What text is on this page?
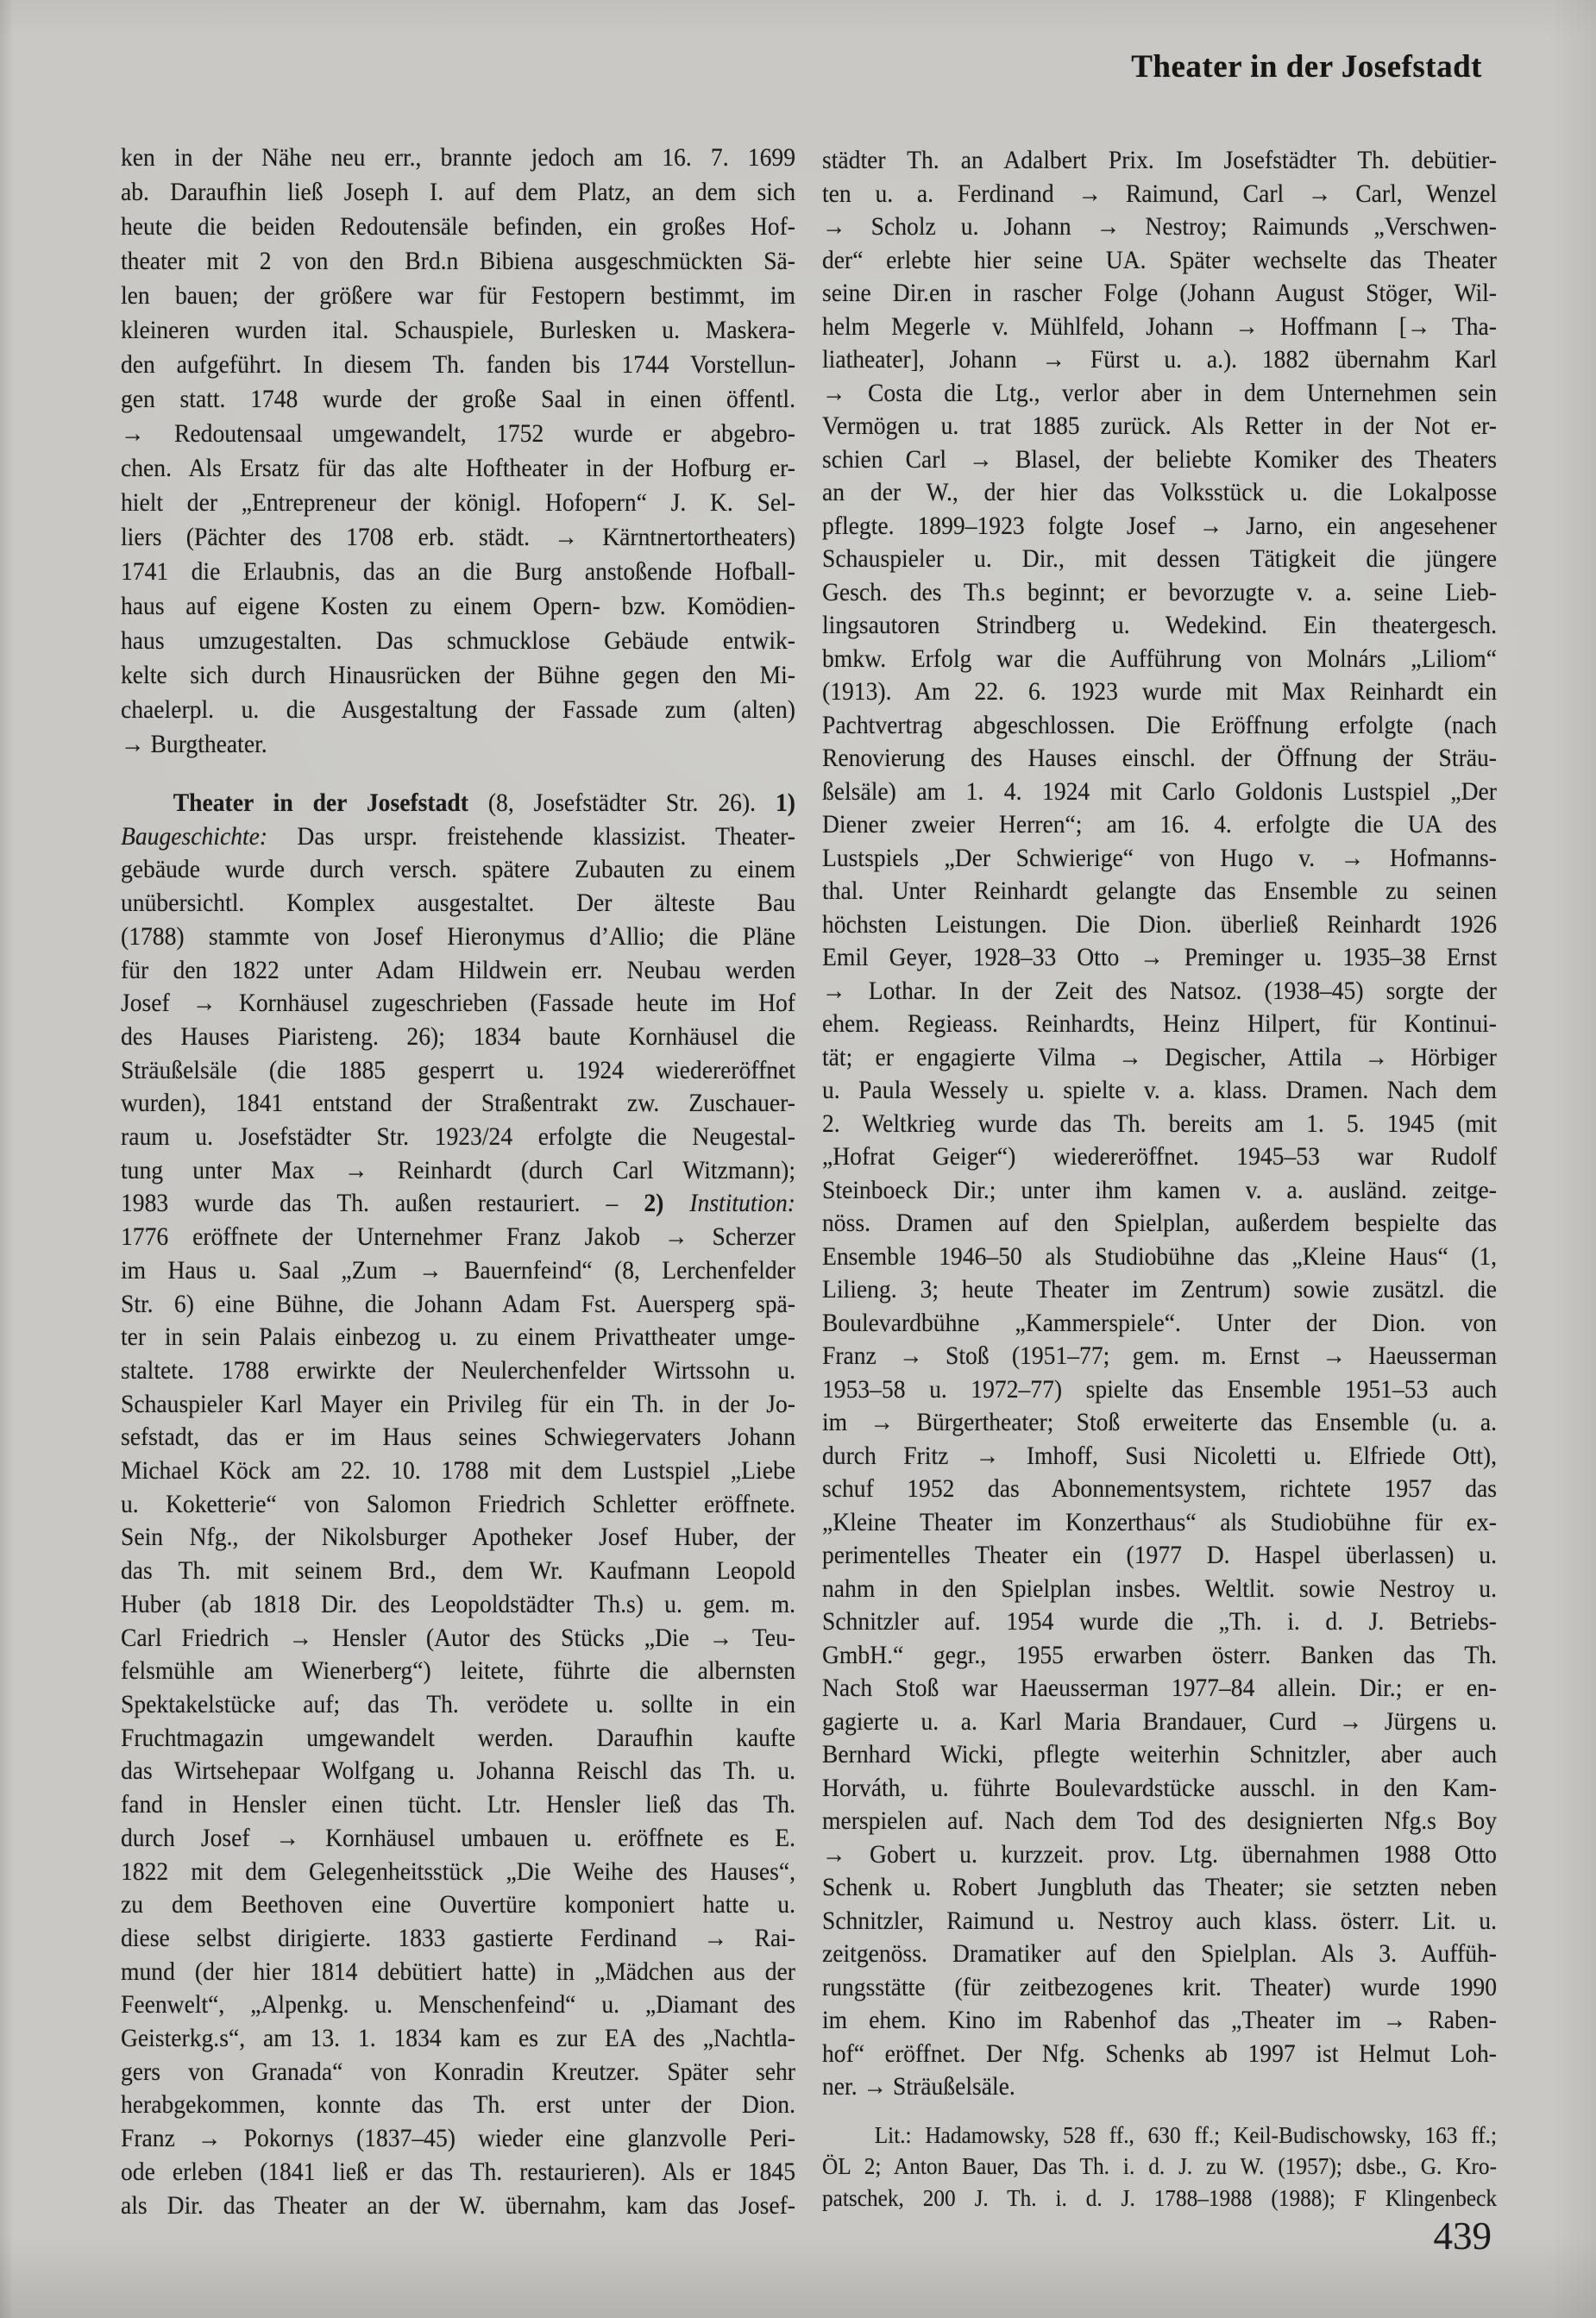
Theater in der Josefstadt
ken in der Nähe neu err., brannte jedoch am 16. 7. 1699
ab. Daraufhin ließ Joseph I. auf dem Platz, an dem sich
heute die beiden Redoutensäle befinden, ein großes Hof-
theater mit 2 von den Brd.n Bibiena ausgeschmückten Sä-
len bauen; der größere war für Festopern bestimmt, im
kleineren wurden ital. Schauspiele, Burlesken u. Maskera-
den aufgeführt. In diesem Th. fanden bis 1744 Vorstellun-
gen statt. 1748 wurde der große Saal in einen öffentl.
→ Redoutensaal umgewandelt, 1752 wurde er abgebro-
chen. Als Ersatz für das alte Hoftheater in der Hofburg er-
hielt der „Entrepreneur der königl. Hofopern“ J. K. Sel-
liers (Pächter des 1708 erb. städt. → Kärntnertortheaters)
1741 die Erlaubnis, das an die Burg anstoßende Hofball-
haus auf eigene Kosten zu einem Opern- bzw. Komödien-
haus umzugestalten. Das schmucklose Gebäude entwik-
kelte sich durch Hinausrücken der Bühne gegen den Mi-
chaelerpl. u. die Ausgestaltung der Fassade zum (alten)
→ Burgtheater.
Theater in der Josefstadt (8, Josefstädter Str. 26). 1)
Baugeschichte: Das urspr. freistehende klassizist. Theater-
gebäude wurde durch versch. spätere Zubauten zu einem
unübersichtl. Komplex ausgestaltet. Der älteste Bau
(1788) stammte von Josef Hieronymus d’Allio; die Pläne
für den 1822 unter Adam Hildwein err. Neubau werden
Josef → Kornhäusel zugeschrieben (Fassade heute im Hof
des Hauses Piaristeng. 26); 1834 baute Kornhäusel die
Sträußelsäle (die 1885 gesperrt u. 1924 wiedereröffnet
wurden), 1841 entstand der Straßentrakt zw. Zuschauer-
raum u. Josefstädter Str. 1923/24 erfolgte die Neugestal-
tung unter Max → Reinhardt (durch Carl Witzmann);
1983 wurde das Th. außen restauriert. – 2) Institution:
1776 eröffnete der Unternehmer Franz Jakob → Scherzer
im Haus u. Saal „Zum → Bauernfeind“ (8, Lerchenfelder
Str. 6) eine Bühne, die Johann Adam Fst. Auersperg spä-
ter in sein Palais einbezog u. zu einem Privattheater umge-
staltete. 1788 erwirkte der Neulerchenfelder Wirtssohn u.
Schauspieler Karl Mayer ein Privileg für ein Th. in der Jo-
sefstadt, das er im Haus seines Schwiegervaters Johann
Michael Köck am 22. 10. 1788 mit dem Lustspiel „Liebe
u. Koketterie“ von Salomon Friedrich Schletter eröffnete.
Sein Nfg., der Nikolsburger Apotheker Josef Huber, der
das Th. mit seinem Brd., dem Wr. Kaufmann Leopold
Huber (ab 1818 Dir. des Leopoldstädter Th.s) u. gem. m.
Carl Friedrich → Hensler (Autor des Stücks „Die → Teu-
felsmühle am Wienerberg“) leitete, führte die albernsten
Spektakelstücke auf; das Th. verödete u. sollte in ein
Fruchtmagazin umgewandelt werden. Daraufhin kaufte
das Wirtsehepaar Wolfgang u. Johanna Reischl das Th. u.
fand in Hensler einen tücht. Ltr. Hensler ließ das Th.
durch Josef → Kornhäusel umbauen u. eröffnete es E.
1822 mit dem Gelegenheitsstück „Die Weihe des Hauses“,
zu dem Beethoven eine Ouvertüre komponiert hatte u.
diese selbst dirigierte. 1833 gastierte Ferdinand → Rai-
mund (der hier 1814 debütiert hatte) in „Mädchen aus der
Feenwelt“, „Alpenkg. u. Menschenfeind“ u. „Diamant des
Geisterkg.s“, am 13. 1. 1834 kam es zur EA des „Nachtla-
gers von Granada“ von Konradin Kreutzer. Später sehr
herabgekommen, konnte das Th. erst unter der Dion.
Franz → Pokornys (1837–45) wieder eine glanzvolle Peri-
ode erleben (1841 ließ er das Th. restaurieren). Als er 1845
als Dir. das Theater an der W. übernahm, kam das Josef-
städter Th. an Adalbert Prix. Im Josefstädter Th. debütier-
ten u. a. Ferdinand → Raimund, Carl → Carl, Wenzel
→ Scholz u. Johann → Nestroy; Raimunds „Verschwen-
der“ erlebte hier seine UA. Später wechselte das Theater
seine Dir.en in rascher Folge (Johann August Stöger, Wil-
helm Megerle v. Mühlfeld, Johann → Hoffmann [→ Tha-
liatheater], Johann → Fürst u. a.). 1882 übernahm Karl
→ Costa die Ltg., verlor aber in dem Unternehmen sein
Vermögen u. trat 1885 zurück. Als Retter in der Not er-
schien Carl → Blasel, der beliebte Komiker des Theaters
an der W., der hier das Volksstück u. die Lokalposse
pflegte. 1899–1923 folgte Josef → Jarno, ein angesehener
Schauspieler u. Dir., mit dessen Tätigkeit die jüngere
Gesch. des Th.s beginnt; er bevorzugte v. a. seine Lieb-
lingsautoren Strindberg u. Wedekind. Ein theatergesch.
bmkw. Erfolg war die Aufführung von Molnárs „Liliom“
(1913). Am 22. 6. 1923 wurde mit Max Reinhardt ein
Pachtvertrag abgeschlossen. Die Eröffnung erfolgte (nach
Renovierung des Hauses einschl. der Öffnung der Sträu-
ßelsäle) am 1. 4. 1924 mit Carlo Goldonis Lustspiel „Der
Diener zweier Herren“; am 16. 4. erfolgte die UA des
Lustspiels „Der Schwierige“ von Hugo v. → Hofmanns-
thal. Unter Reinhardt gelangte das Ensemble zu seinen
höchsten Leistungen. Die Dion. überließ Reinhardt 1926
Emil Geyer, 1928–33 Otto → Preminger u. 1935–38 Ernst
→ Lothar. In der Zeit des Natsoz. (1938–45) sorgte der
ehem. Regieass. Reinhardts, Heinz Hilpert, für Kontinui-
tät; er engagierte Vilma → Degischer, Attila → Hörbiger
u. Paula Wessely u. spielte v. a. klass. Dramen. Nach dem
2. Weltkrieg wurde das Th. bereits am 1. 5. 1945 (mit
„Hofrat Geiger“) wiedereröffnet. 1945–53 war Rudolf
Steinboeck Dir.; unter ihm kamen v. a. ausländ. zeitge-
nöss. Dramen auf den Spielplan, außerdem bespielte das
Ensemble 1946–50 als Studiobühne das „Kleine Haus“ (1,
Lilieng. 3; heute Theater im Zentrum) sowie zusätzl. die
Boulevardbühne „Kammerspiele“. Unter der Dion. von
Franz → Stoß (1951–77; gem. m. Ernst → Haeusserman
1953–58 u. 1972–77) spielte das Ensemble 1951–53 auch
im → Bürgertheater; Stoß erweiterte das Ensemble (u. a.
durch Fritz → Imhoff, Susi Nicoletti u. Elfriede Ott),
schuf 1952 das Abonnementsystem, richtete 1957 das
„Kleine Theater im Konzerthaus“ als Studiobühne für ex-
perimentelles Theater ein (1977 D. Haspel überlassen) u.
nahm in den Spielplan insbes. Weltlit. sowie Nestroy u.
Schnitzler auf. 1954 wurde die „Th. i. d. J. Betriebs-
GmbH.“ gegr., 1955 erwarben österr. Banken das Th.
Nach Stoß war Haeusserman 1977–84 allein. Dir.; er en-
gagierte u. a. Karl Maria Brandauer, Curd → Jürgens u.
Bernhard Wicki, pflegte weiterhin Schnitzler, aber auch
Horváth, u. führte Boulevardstücke ausschl. in den Kam-
merspielen auf. Nach dem Tod des designierten Nfg.s Boy
→ Gobert u. kurzzeit. prov. Ltg. übernahmen 1988 Otto
Schenk u. Robert Jungbluth das Theater; sie setzten neben
Schnitzler, Raimund u. Nestroy auch klass. österr. Lit. u.
zeitgenöss. Dramatiker auf den Spielplan. Als 3. Auffüh-
rungsstätte (für zeitbezogenes krit. Theater) wurde 1990
im ehem. Kino im Rabenhof das „Theater im → Raben-
hof“ eröffnet. Der Nfg. Schenks ab 1997 ist Helmut Loh-
ner. → Sträußelsäle.
Lit.: Hadamowsky, 528 ff., 630 ff.; Keil-Budischowsky, 163 ff.;
ÖL 2; Anton Bauer, Das Th. i. d. J. zu W. (1957); dsbe., G. Kro-
patschek, 200 J. Th. i. d. J. 1788–1988 (1988); F Klingenbeck
439
